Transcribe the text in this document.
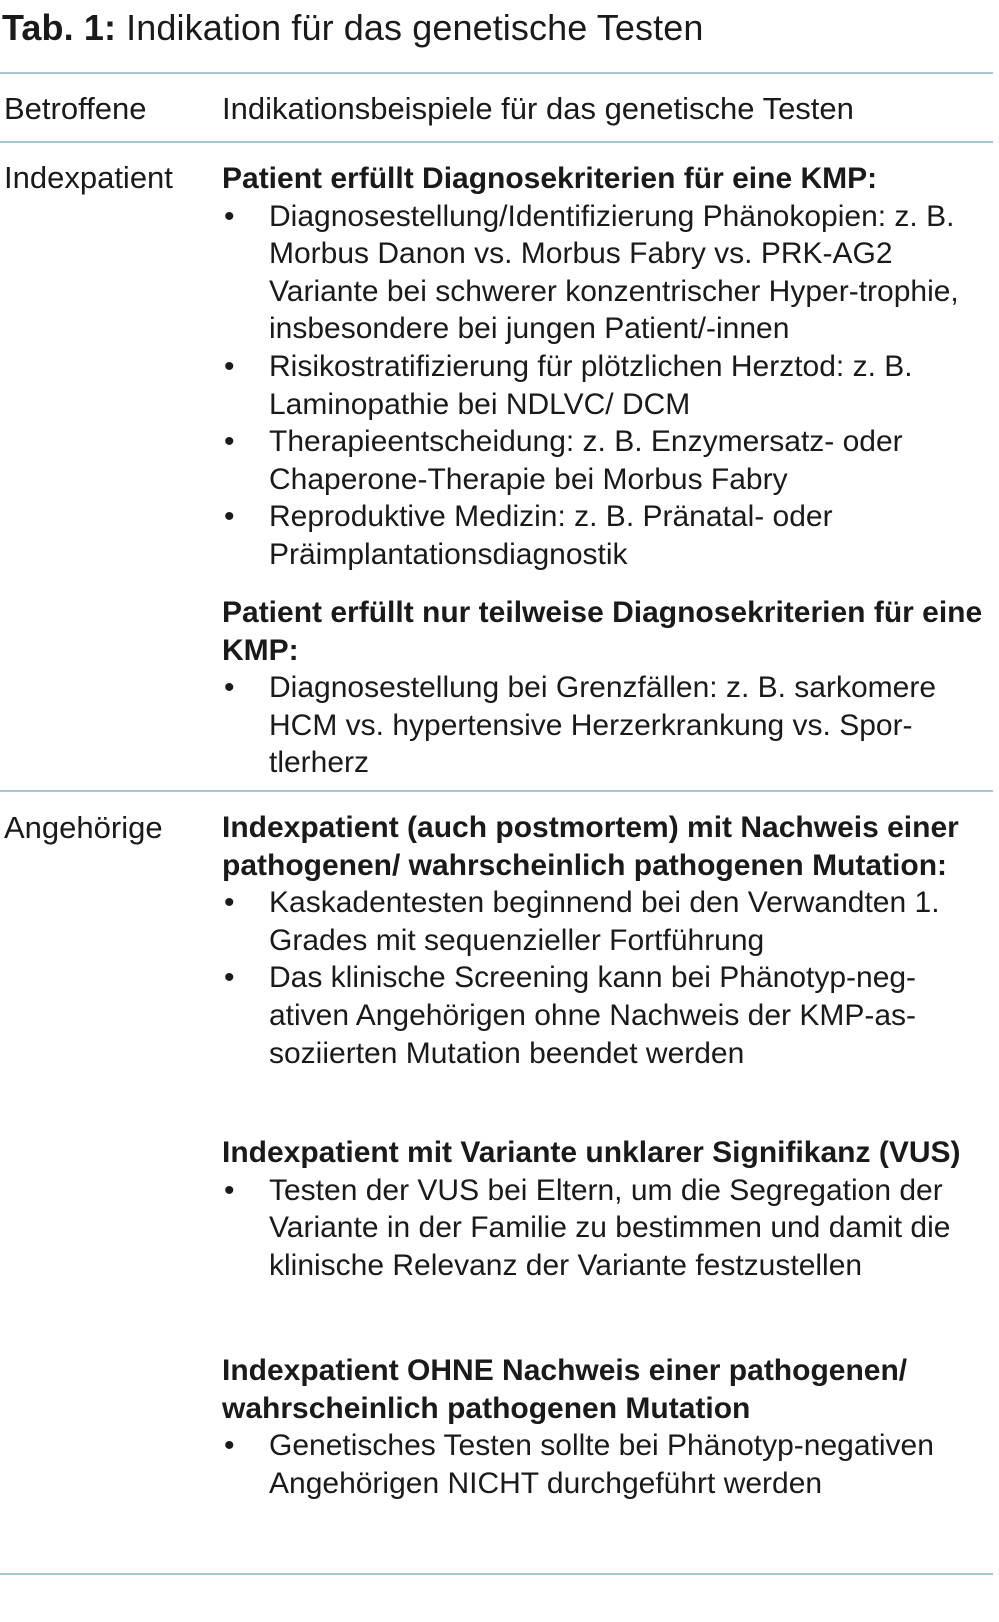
Tab. 1: Indikation für das genetische Testen
Betroffene Indikationsbeispiele für das genetische Testen
Indexpatient Patient erfüllt Diagnosekriterien für eine KMP:
• Diagnosestellung/Identifizierung Phänokopien: z. B. Morbus Danon vs. Morbus Fabry vs. PRK-AG2 Variante bei schwerer konzentrischer Hyper-trophie, insbesondere bei jungen Patient/-innen
• Risikostratifizierung für plötzlichen Herztod: z. B. Laminopathie bei NDLVC/ DCM
• Therapieentscheidung: z. B. Enzymersatz- oder Chaperone-Therapie bei Morbus Fabry
• Reproduktive Medizin: z. B. Pränatal- oder Präimplantationsdiagnostik
Patient erfüllt nur teilweise Diagnosekriterien für eine KMP:
• Diagnosestellung bei Grenzfällen: z. B. sarkomere HCM vs. hypertensive Herzerkrankung vs. Spor-tlerherz
Angehörige Indexpatient (auch postmortem) mit Nachweis einer pathogenen/ wahrscheinlich pathogenen Mutation:
• Kaskadentesten beginnend bei den Verwandten 1. Grades mit sequenzieller Fortführung
• Das klinische Screening kann bei Phänotyp-neg-ativen Angehörigen ohne Nachweis der KMP-as-soziierten Mutation beendet werden
Indexpatient mit Variante unklarer Signifikanz (VUS)
• Testen der VUS bei Eltern, um die Segregation der Variante in der Familie zu bestimmen und damit die klinische Relevanz der Variante festzustellen
Indexpatient OHNE Nachweis einer pathogenen/ wahrscheinlich pathogenen Mutation
• Genetisches Testen sollte bei Phänotyp-negativen Angehörigen NICHT durchgeführt werden
